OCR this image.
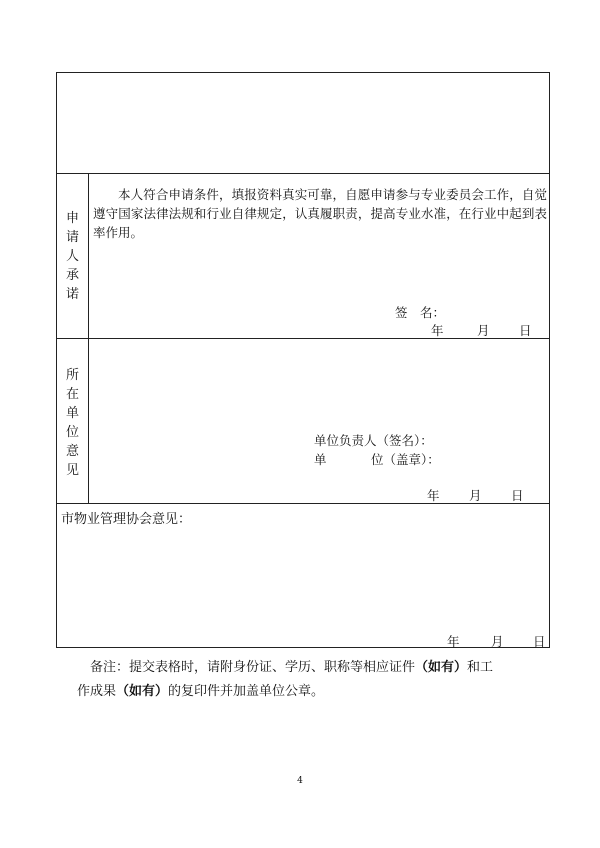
申
请
人
承
诺
本人符合申请条件，填报资料真实可靠，自愿申请参与专业委员会工作，自觉遵守国家法律法规和行业自律规定，认真履职责，提高专业水准，在行业中起到表率作用。
签　名：
年	月 日
所
在
单
位
意
见
单位负责人（签名）：
单	位（盖章）：
年 月 日
市物业管理协会意见：
年	月 日
备注：提交表格时，请附身份证、学历、职称等相应证件（如有）和工
作成果（如有）的复印件并加盖单位公章。
4
